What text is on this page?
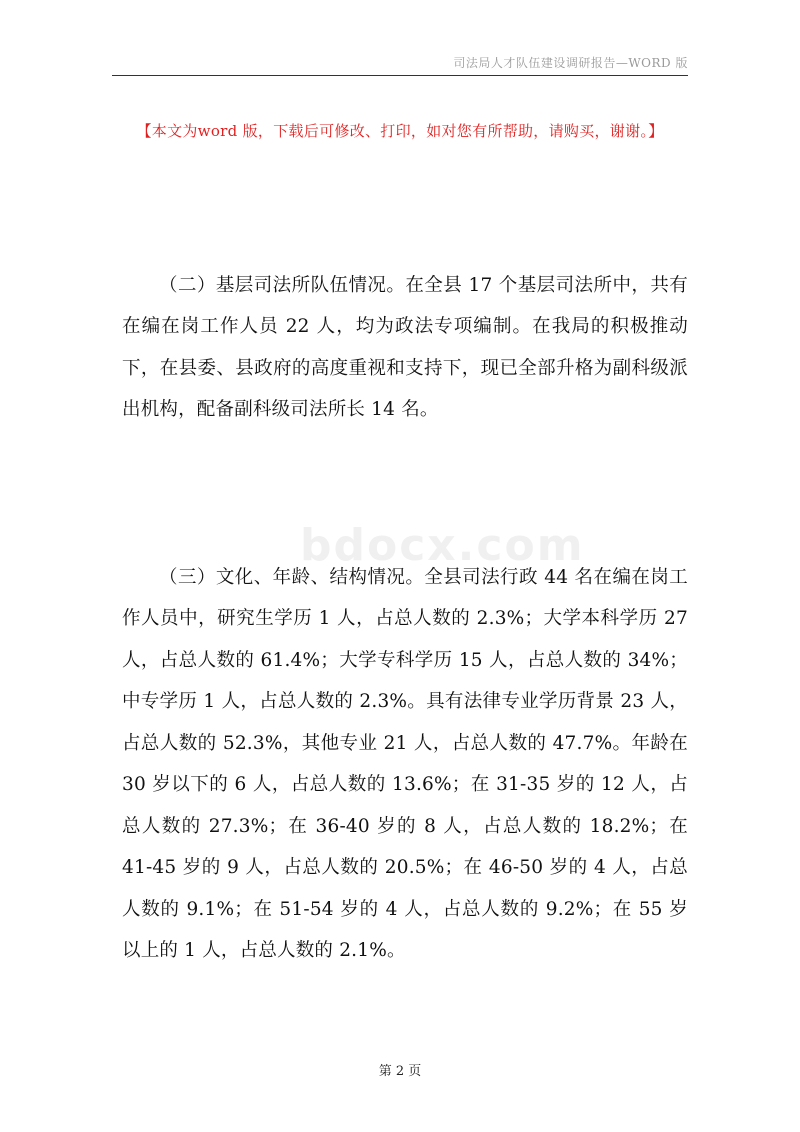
司法局人才队伍建设调研报告—WORD 版
【本文为word 版，下载后可修改、打印，如对您有所帮助，请购买，谢谢。】
bdocx.com

（二）基层司法所队伍情况。在全县 17 个基层司法所中，共有在编在岗工作人员 22 人，均为政法专项编制。在我局的积极推动下，在县委、县政府的高度重视和支持下，现已全部升格为副科级派出机构，配备副科级司法所长 14 名。

（三）文化、年龄、结构情况。全县司法行政 44 名在编在岗工作人员中，研究生学历 1 人，占总人数的 2.3%；大学本科学历 27 人，占总人数的 61.4%；大学专科学历 15 人，占总人数的 34%；中专学历 1 人，占总人数的 2.3%。具有法律专业学历背景 23 人，占总人数的 52.3%，其他专业 21 人，占总人数的 47.7%。年龄在 30 岁以下的 6 人，占总人数的 13.6%；在 31-35 岁的 12 人，占总人数的 27.3%；在 36-40 岁的 8 人，占总人数的 18.2%；在 41-45 岁的 9 人，占总人数的 20.5%；在 46-50 岁的 4 人，占总人数的 9.1%；在 51-54 岁的 4 人，占总人数的 9.2%；在 55 岁以上的 1 人，占总人数的 2.1%。

第 2 页
